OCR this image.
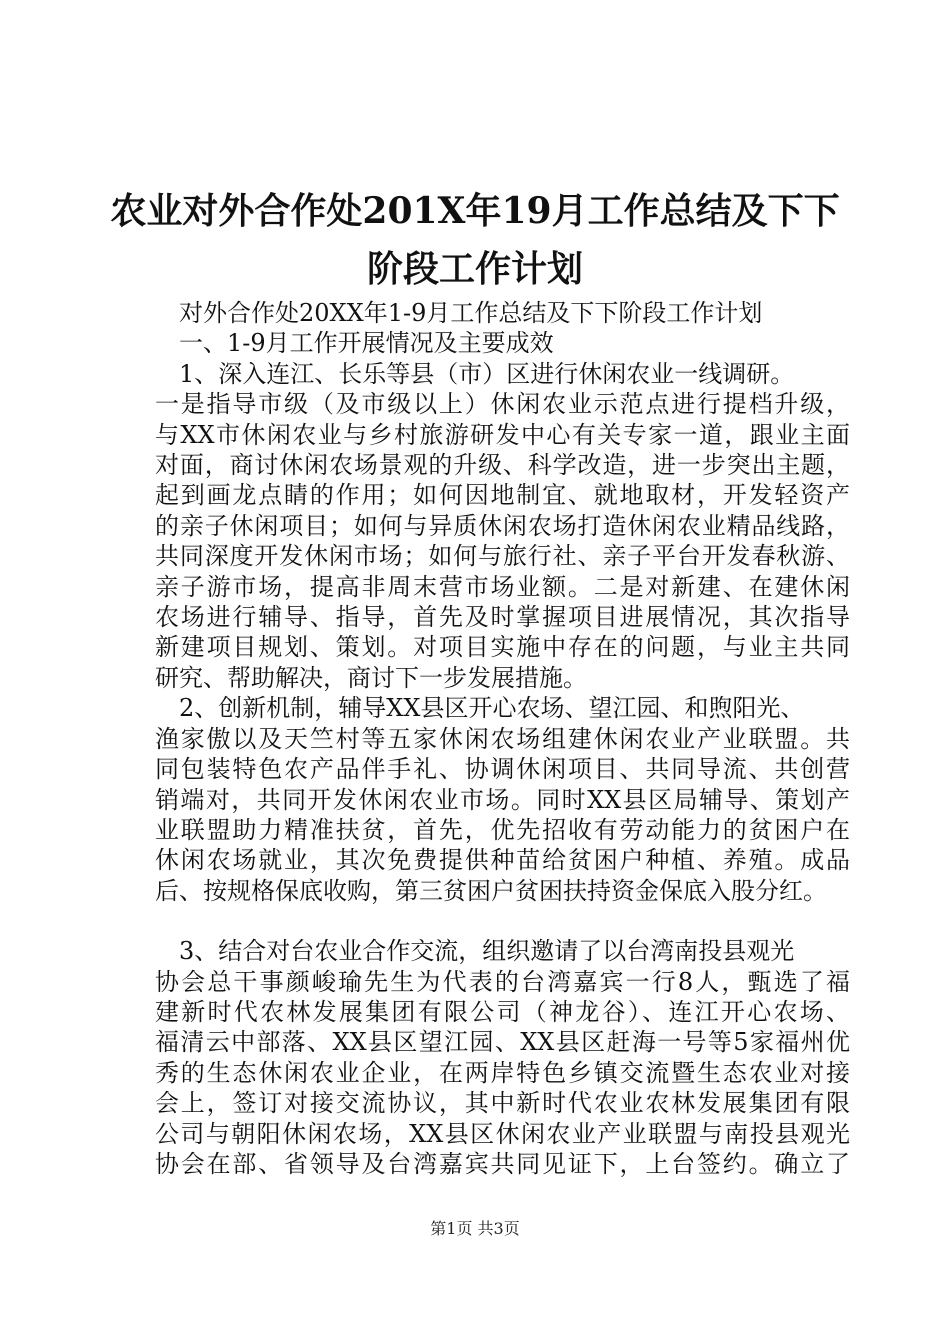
农业对外合作处201X年19月工作总结及下下
阶段工作计划

对外合作处20XX年1-9月工作总结及下下阶段工作计划

一、1-9月工作开展情况及主要成效

1、深入连江、长乐等县（市）区进行休闲农业一线调研。

一是指导市级（及市级以上）休闲农业示范点进行提档升级，

与XX市休闲农业与乡村旅游研发中心有关专家一道，跟业主面

对面，商讨休闲农场景观的升级、科学改造，进一步突出主题，

起到画龙点睛的作用；如何因地制宜、就地取材，开发轻资产

的亲子休闲项目；如何与异质休闲农场打造休闲农业精品线路，

共同深度开发休闲市场；如何与旅行社、亲子平台开发春秋游、

亲子游市场，提高非周末营市场业额。二是对新建、在建休闲

农场进行辅导、指导，首先及时掌握项目进展情况，其次指导

新建项目规划、策划。对项目实施中存在的问题，与业主共同

研究、帮助解决，商讨下一步发展措施。

2、创新机制，辅导XX县区开心农场、望江园、和煦阳光、

渔家傲以及天竺村等五家休闲农场组建休闲农业产业联盟。共

同包装特色农产品伴手礼、协调休闲项目、共同导流、共创营

销端对，共同开发休闲农业市场。同时XX县区局辅导、策划产

业联盟助力精准扶贫，首先，优先招收有劳动能力的贫困户在

休闲农场就业，其次免费提供种苗给贫困户种植、养殖。成品

后、按规格保底收购，第三贫困户贫困扶持资金保底入股分红。

3、结合对台农业合作交流，组织邀请了以台湾南投县观光

协会总干事颜峻瑜先生为代表的台湾嘉宾一行8人，甄选了福

建新时代农林发展集团有限公司（神龙谷）、连江开心农场、

福清云中部落、XX县区望江园、XX县区赶海一号等5家福州优

秀的生态休闲农业企业，在两岸特色乡镇交流暨生态农业对接

会上，签订对接交流协议，其中新时代农业农林发展集团有限

公司与朝阳休闲农场，XX县区休闲农业产业联盟与南投县观光

协会在部、省领导及台湾嘉宾共同见证下，上台签约。确立了

第1页 共3页
